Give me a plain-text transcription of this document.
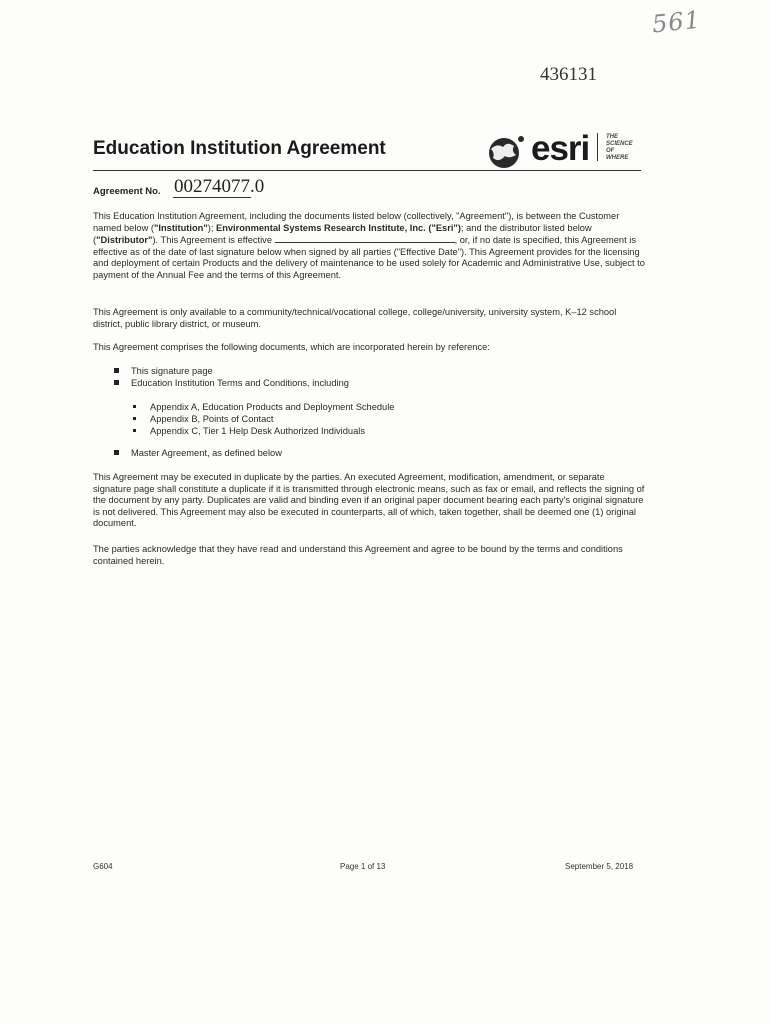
561
436131
Education Institution Agreement	esri	THE
SCIENCE
OF
WHERE
Agreement No. 00274077.0
This Education Institution Agreement, including the documents listed below (collectively, "Agreement"), is between the Customer named below ("Institution"); Environmental Systems Research Institute, Inc. ("Esri"); and the distributor listed below ("Distributor"). This Agreement is effective	, or, if no date is specified, this Agreement is effective as of the date of last signature below when signed by all parties ("Effective Date"). This Agreement provides for the licensing and deployment of certain Products and the delivery of maintenance to be used solely for Academic and Administrative Use, subject to payment of the Annual Fee and the terms of this Agreement.
This Agreement is only available to a community/technical/vocational college, college/university, university system, K–12 school district, public library district, or museum.
This Agreement comprises the following documents, which are incorporated herein by reference:
This signature page
Education Institution Terms and Conditions, including
Appendix A, Education Products and Deployment Schedule
Appendix B, Points of Contact
Appendix C, Tier 1 Help Desk Authorized Individuals
Master Agreement, as defined below
This Agreement may be executed in duplicate by the parties. An executed Agreement, modification, amendment, or separate signature page shall constitute a duplicate if it is transmitted through electronic means, such as fax or email, and reflects the signing of the document by any party. Duplicates are valid and binding even if an original paper document bearing each party's original signature is not delivered. This Agreement may also be executed in counterparts, all of which, taken together, shall be deemed one (1) original document.
The parties acknowledge that they have read and understand this Agreement and agree to be bound by the terms and conditions contained herein.
G604	Page 1 of 13	September 5, 2018
